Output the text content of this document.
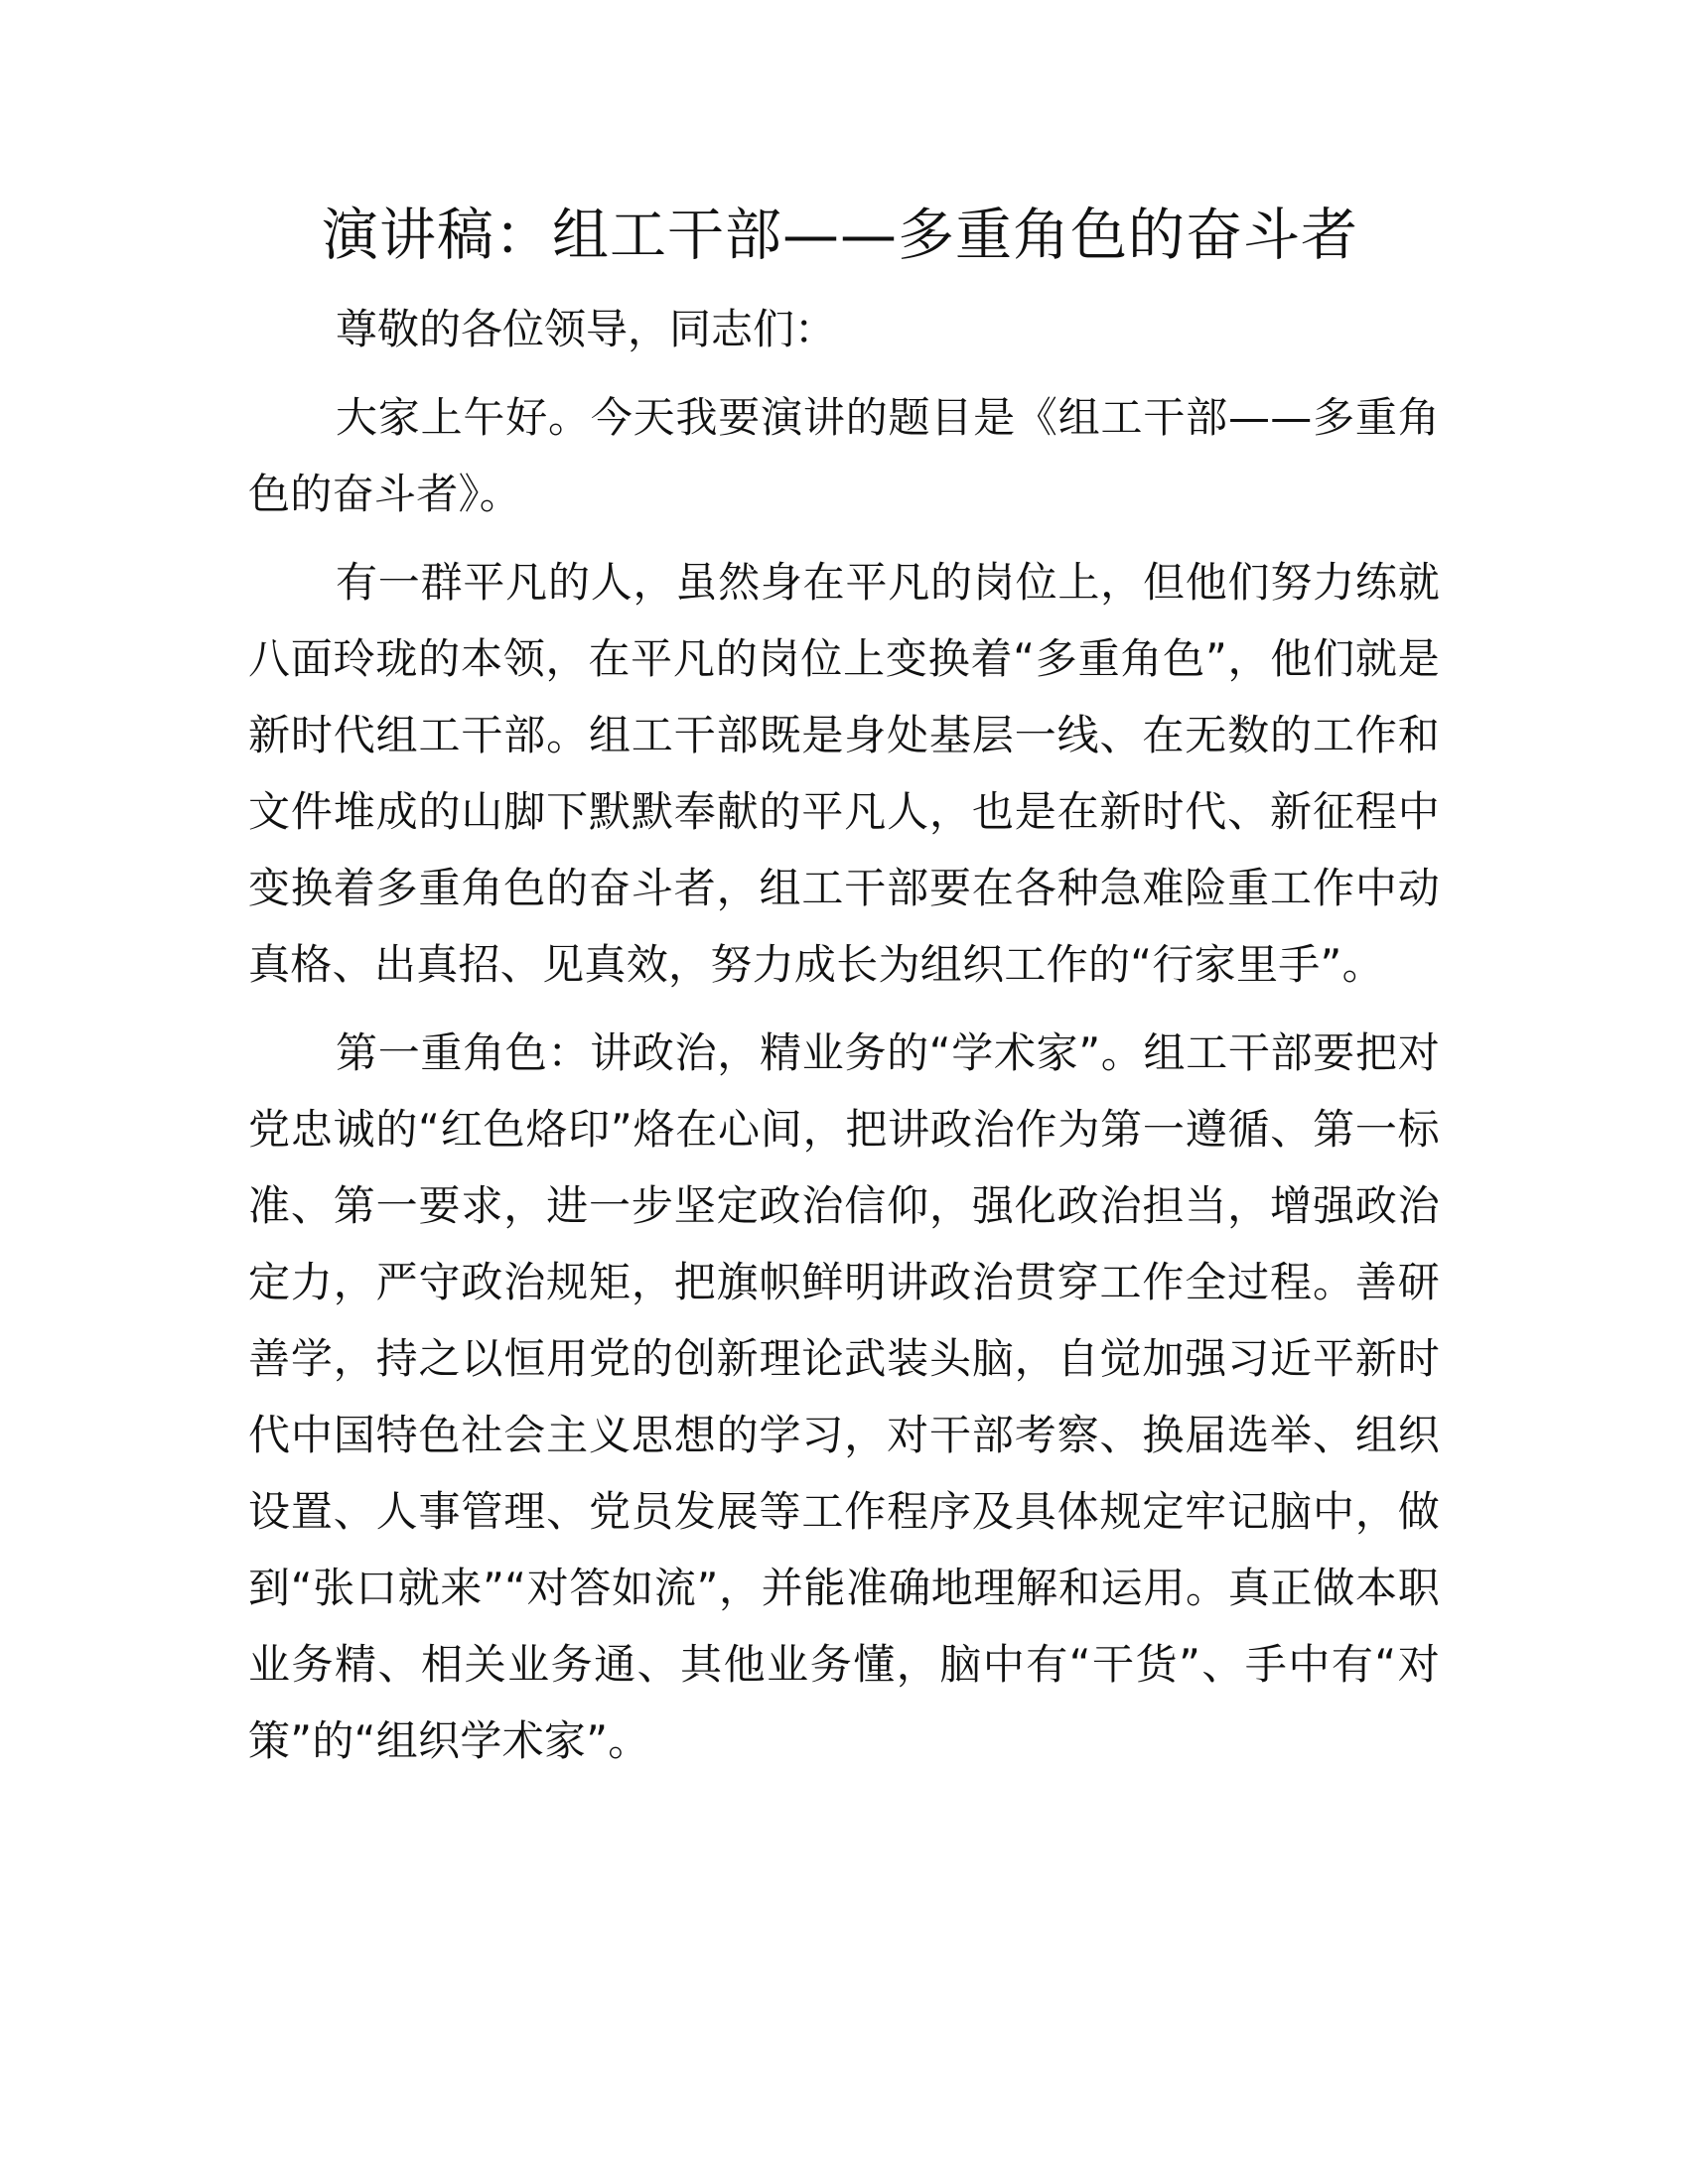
演讲稿：组工干部——多重角色的奋斗者

尊敬的各位领导，同志们：

大家上午好。今天我要演讲的题目是《组工干部——多重角色的奋斗者》。

有一群平凡的人，虽然身在平凡的岗位上，但他们努力练就八面玲珑的本领，在平凡的岗位上变换着“多重角色”，他们就是新时代组工干部。组工干部既是身处基层一线、在无数的工作和文件堆成的山脚下默默奉献的平凡人，也是在新时代、新征程中变换着多重角色的奋斗者，组工干部要在各种急难险重工作中动真格、出真招、见真效，努力成长为组织工作的“行家里手”。

第一重角色：讲政治，精业务的“学术家”。组工干部要把对党忠诚的“红色烙印”烙在心间，把讲政治作为第一遵循、第一标准、第一要求，进一步坚定政治信仰，强化政治担当，增强政治定力，严守政治规矩，把旗帜鲜明讲政治贯穿工作全过程。善研善学，持之以恒用党的创新理论武装头脑，自觉加强习近平新时代中国特色社会主义思想的学习，对干部考察、换届选举、组织设置、人事管理、党员发展等工作程序及具体规定牢记脑中，做到“张口就来”“对答如流”，并能准确地理解和运用。真正做本职业务精、相关业务通、其他业务懂，脑中有“干货”、手中有“对策”的“组织学术家”。
